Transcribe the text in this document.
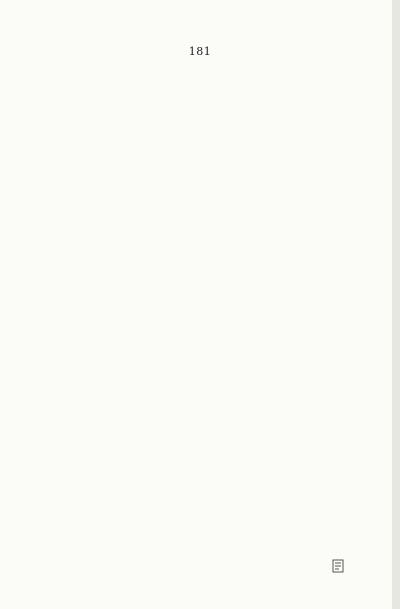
181
